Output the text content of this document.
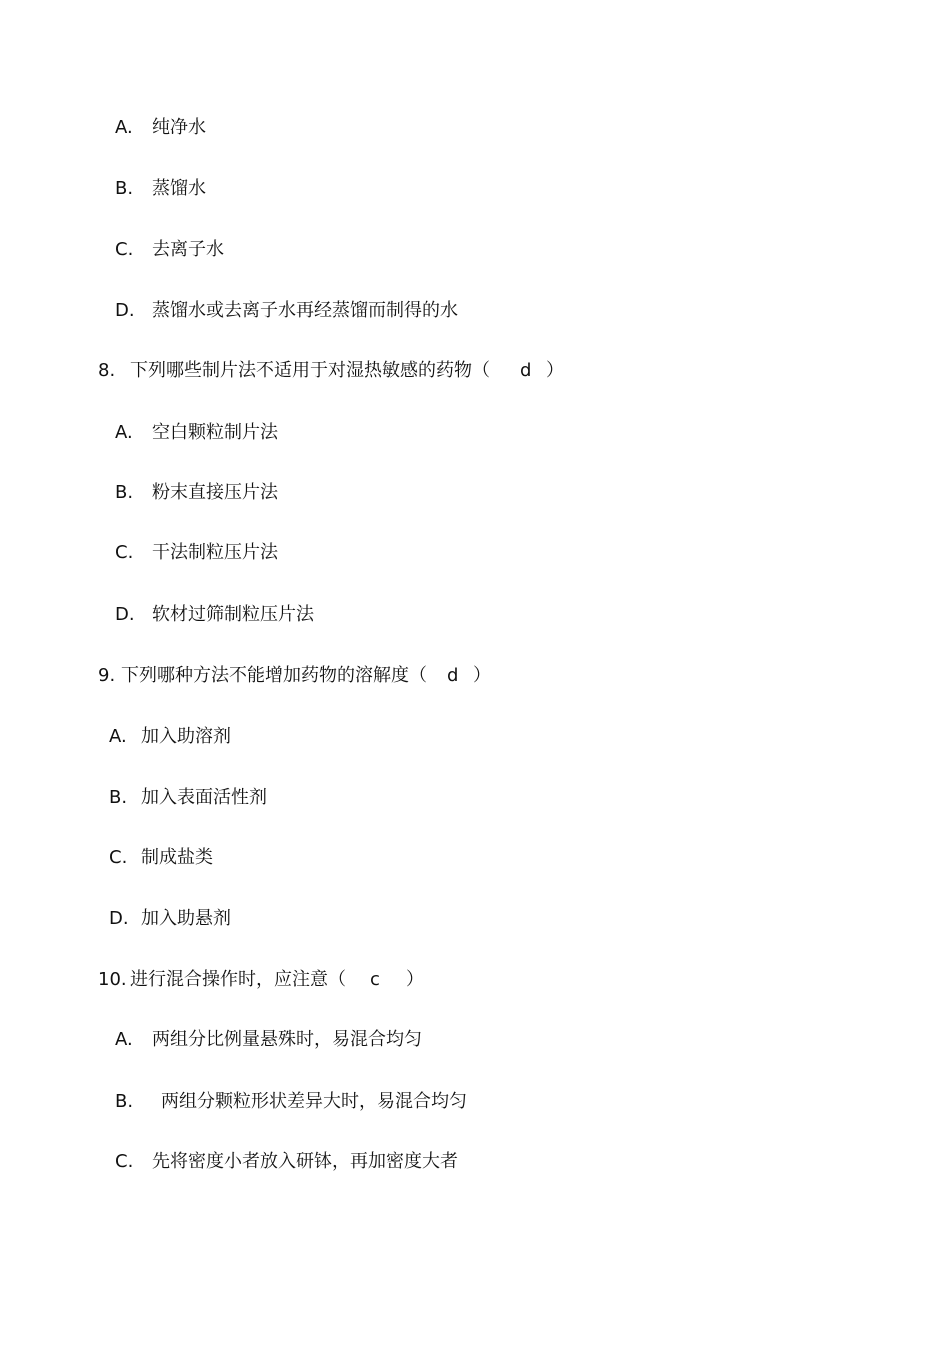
A. 纯净水
B. 蒸馏水
C. 去离子水
D. 蒸馏水或去离子水再经蒸馏而制得的水
8. 下列哪些制片法不适用于对湿热敏感的药物（ d ）
A. 空白颗粒制片法
B. 粉末直接压片法
C. 干法制粒压片法
D. 软材过筛制粒压片法
9. 下列哪种方法不能增加药物的溶解度（ d ）
A. 加入助溶剂
B. 加入表面活性剂
C. 制成盐类
D. 加入助悬剂
10. 进行混合操作时，应注意（ c ）
A. 两组分比例量悬殊时，易混合均匀
B. 两组分颗粒形状差异大时，易混合均匀
C. 先将密度小者放入研钵，再加密度大者
